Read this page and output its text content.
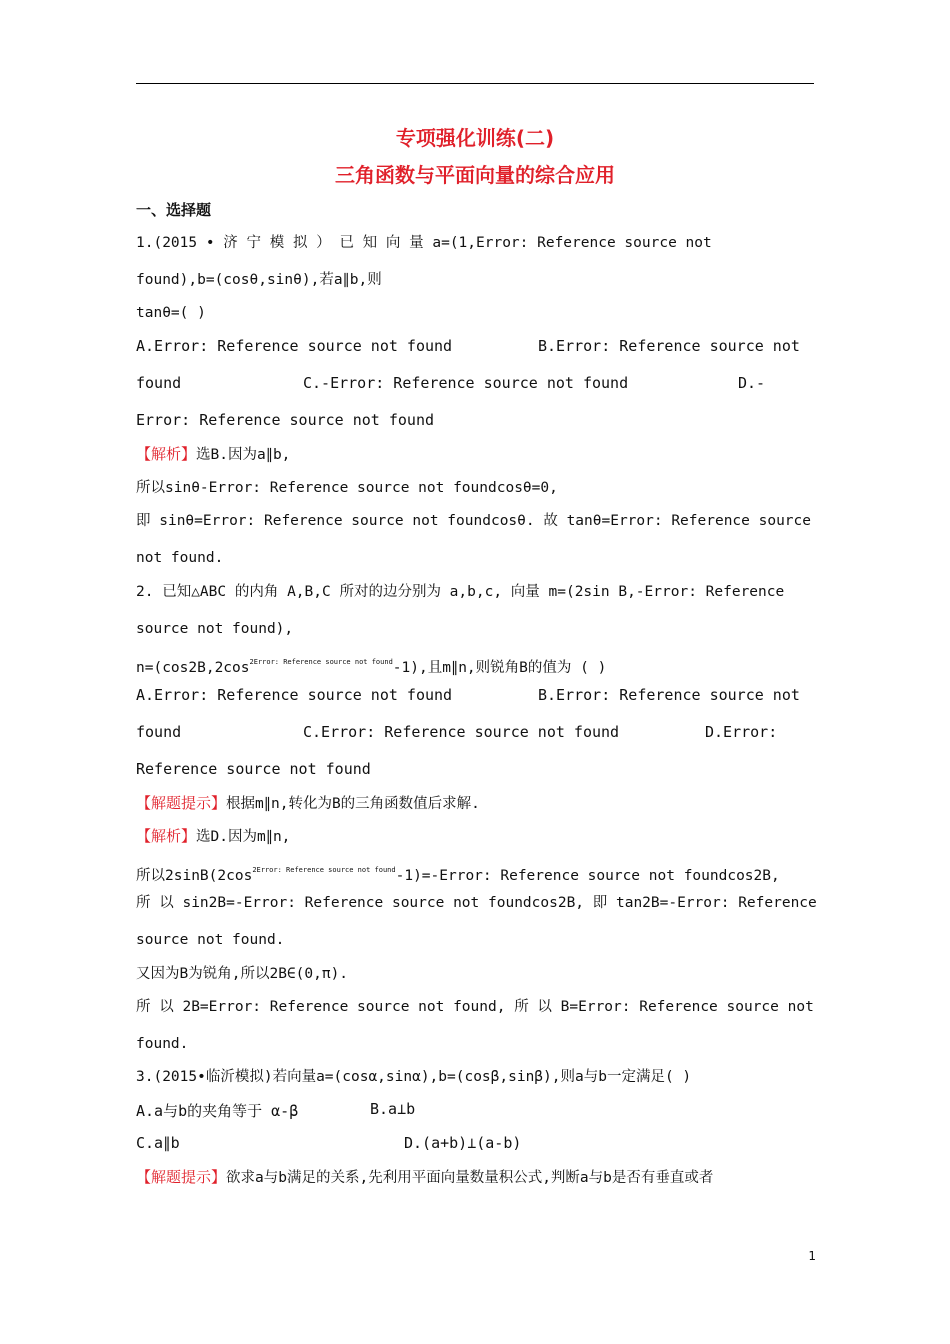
专项强化训练(二)
三角函数与平面向量的综合应用
一、选择题
1.(2015 • 济 宁 模 拟 ） 已 知 向 量 a=(1,Error: Reference source not
found),b=(cosθ,sinθ),若a∥b,则
tanθ=( )
A.Error: Reference source not found	B.Error: Reference source not
found	C.-Error: Reference source not found	D.-
Error: Reference source not found
【解析】选B.因为a∥b,
所以sinθ-Error: Reference source not foundcosθ=0,
即 sinθ=Error: Reference source not foundcosθ. 故 tanθ=Error: Reference source
not found.
2. 已知△ABC 的内角 A,B,C 所对的边分别为 a,b,c, 向量 m=(2sin B,-Error: Reference
source not found),
$n=(\cos 2B,2\cos^{2Error: Reference source not found}-1)$,且m∥n,则锐角B的值为 ( )
A.Error: Reference source not found	B.Error: Reference source not
found	C.Error: Reference source not found	D.Error:
Reference source not found
【解题提示】根据m∥n,转化为B的三角函数值后求解.
【解析】选D.因为m∥n,
所以$2\sin B(2\cos^{2Error: Reference source not found}-1)=$-Error: Reference source not foundcos2B,
所 以 sin2B=-Error: Reference source not foundcos2B, 即 tan2B=-Error: Reference
source not found.
又因为B为锐角,所以2B∈(0,π).
所 以 2B=Error: Reference source not found, 所 以 B=Error: Reference source not
found.
3.(2015•临沂模拟)若向量a=(cosα,sinα),b=(cosβ,sinβ),则a与b一定满足( )
A.a与b的夹角等于 α-β	B.a⊥b
C.a∥b	D.(a+b)⊥(a-b)
【解题提示】欲求a与b满足的关系,先利用平面向量数量积公式,判断a与b是否有垂直或者
1
